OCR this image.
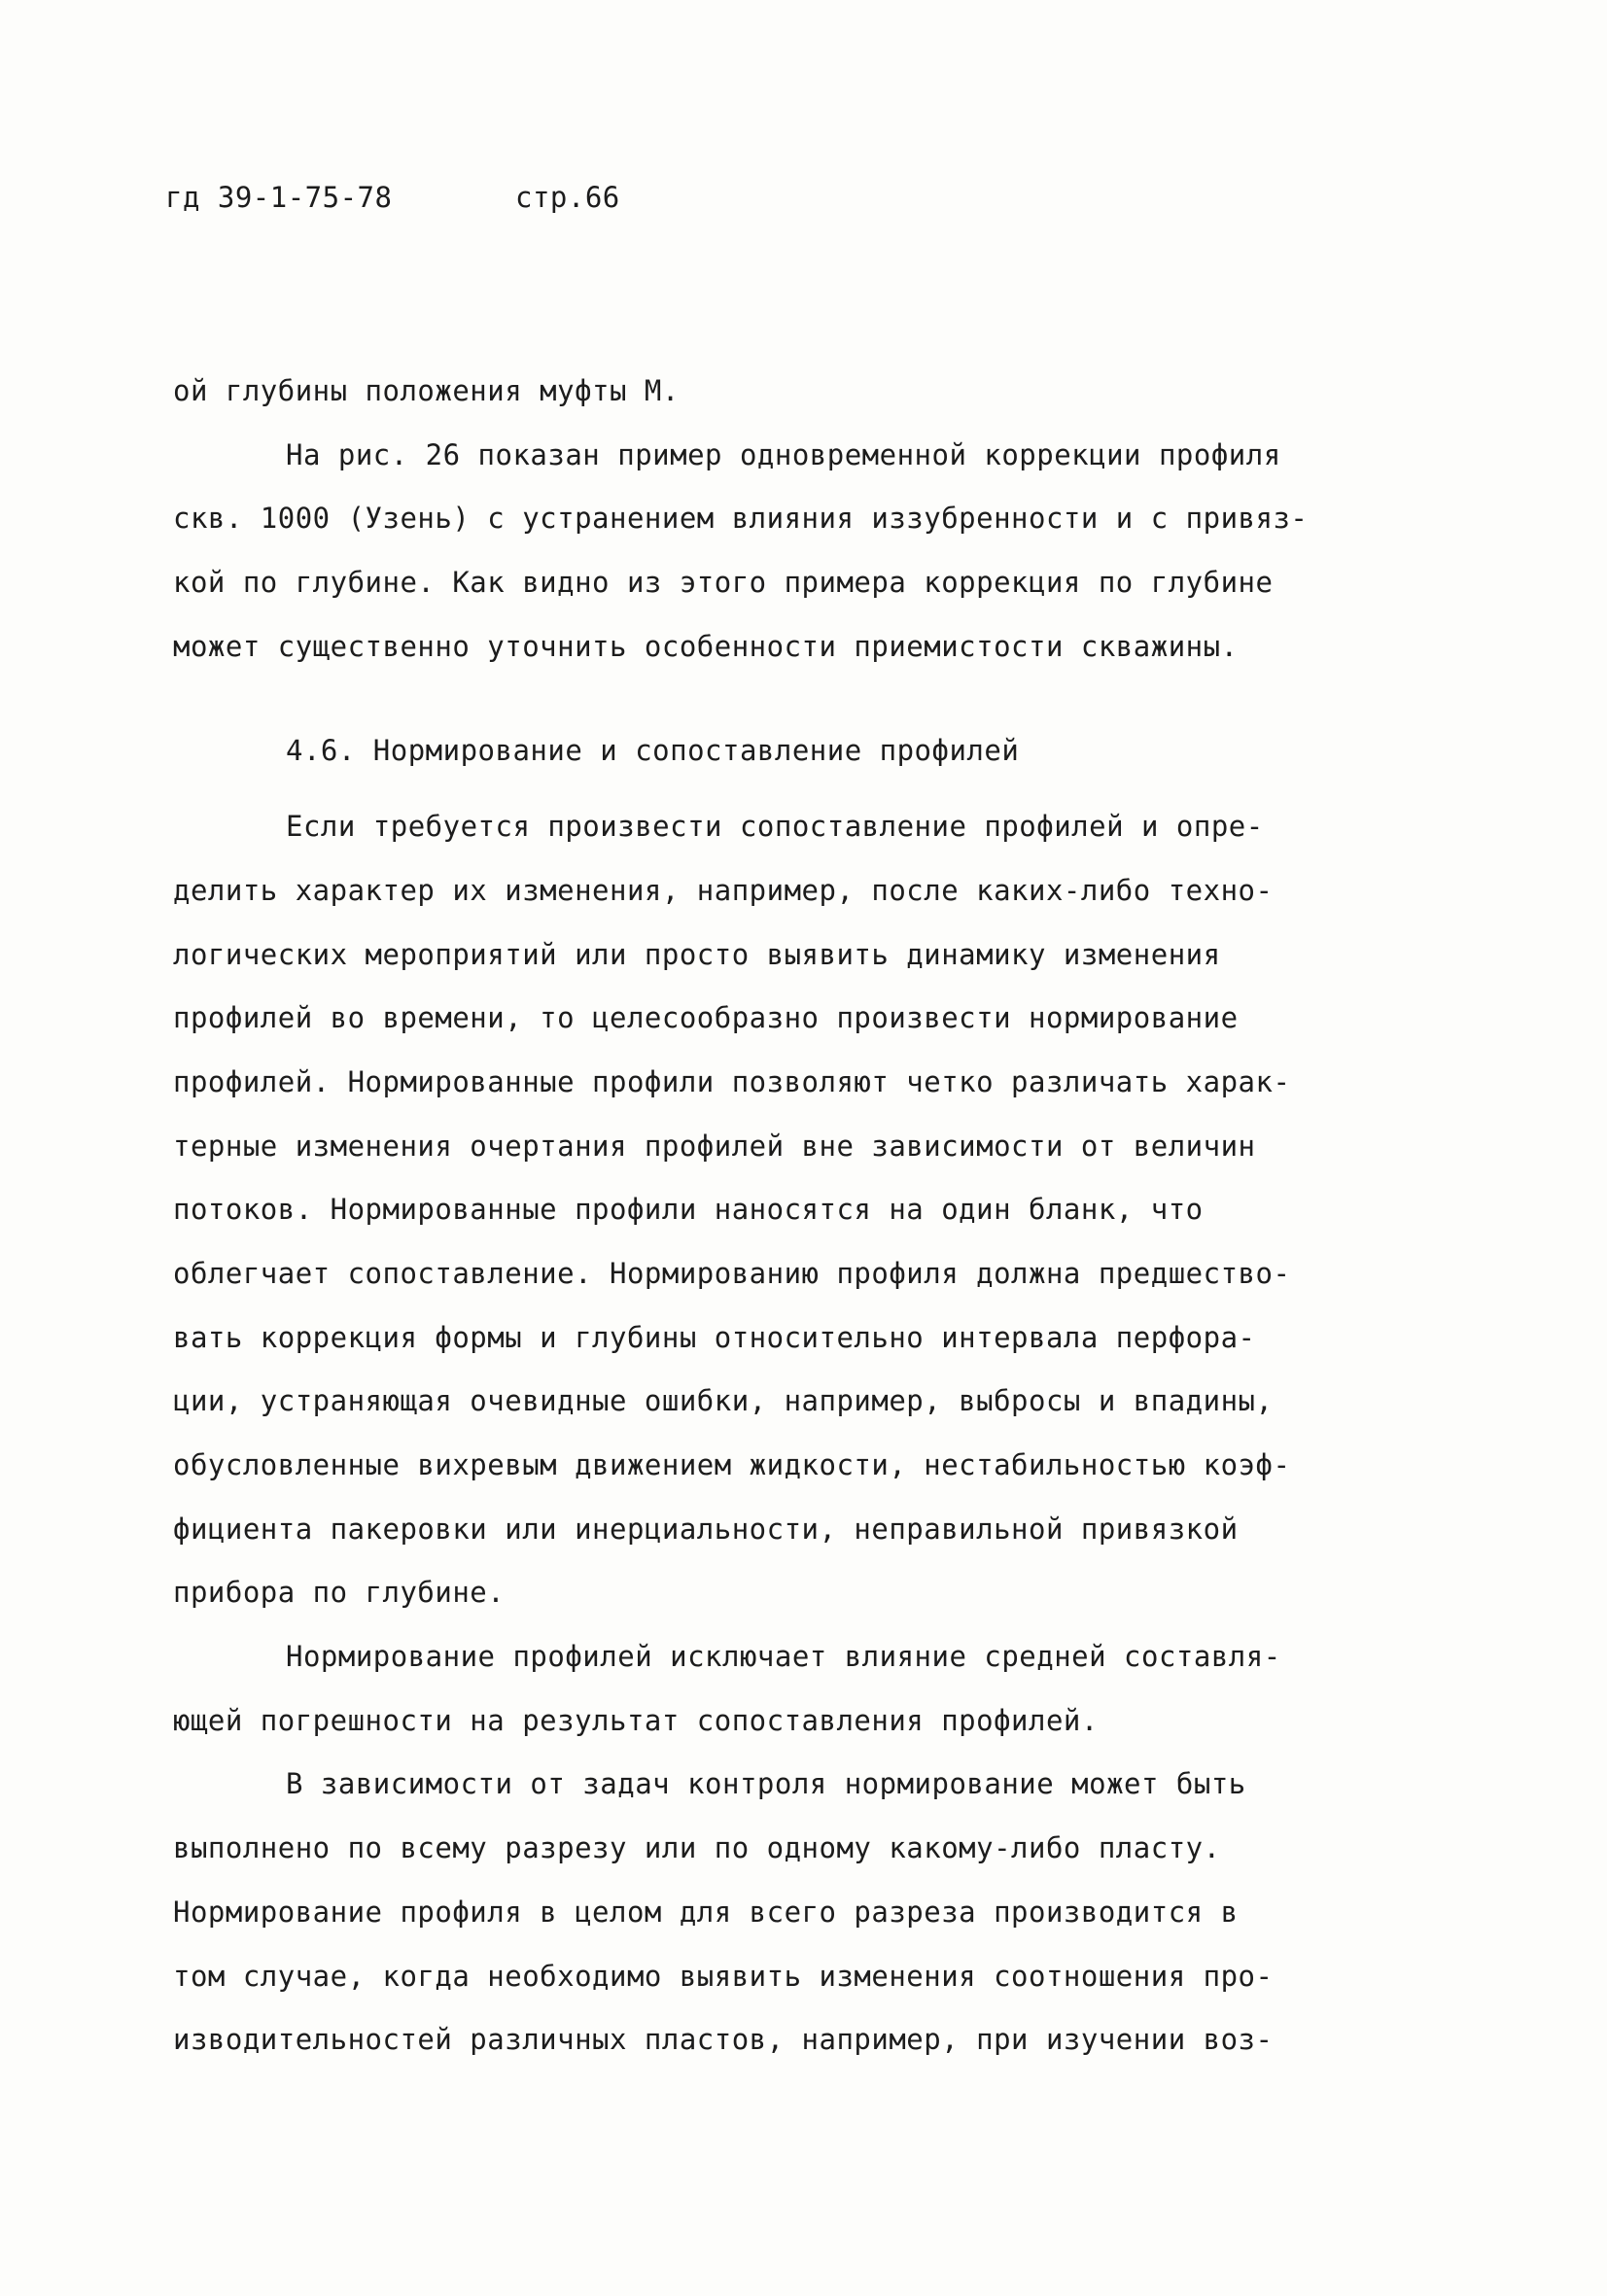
гд 39-1-75-78	стр.66
ой глубины положения муфты М.
На рис. 26 показан пример одновременной коррекции профиля
скв. 1000 (Узень) с устранением влияния иззубренности и с привяз-
кой по глубине. Как видно из этого примера коррекция по глубине
может существенно уточнить особенности приемистости скважины.
4.6. Нормирование и сопоставление профилей
Если требуется произвести сопоставление профилей и опре-
делить характер их изменения, например, после каких-либо техно-
логических мероприятий или просто выявить динамику изменения
профилей во времени, то целесообразно произвести нормирование
профилей. Нормированные профили позволяют четко различать харак-
терные изменения очертания профилей вне зависимости от величин
потоков. Нормированные профили наносятся на один бланк, что
облегчает сопоставление. Нормированию профиля должна предшество-
вать коррекция формы и глубины относительно интервала перфора-
ции, устраняющая очевидные ошибки, например, выбросы и впадины,
обусловленные вихревым движением жидкости, нестабильностью коэф-
фициента пакеровки или инерциальности, неправильной привязкой
прибора по глубине.
Нормирование профилей исключает влияние средней составля-
ющей погрешности на результат сопоставления профилей.
В зависимости от задач контроля нормирование может быть
выполнено по всему разрезу или по одному какому-либо пласту.
Нормирование профиля в целом для всего разреза производится в
том случае, когда необходимо выявить изменения соотношения про-
изводительностей различных пластов, например, при изучении воз-
